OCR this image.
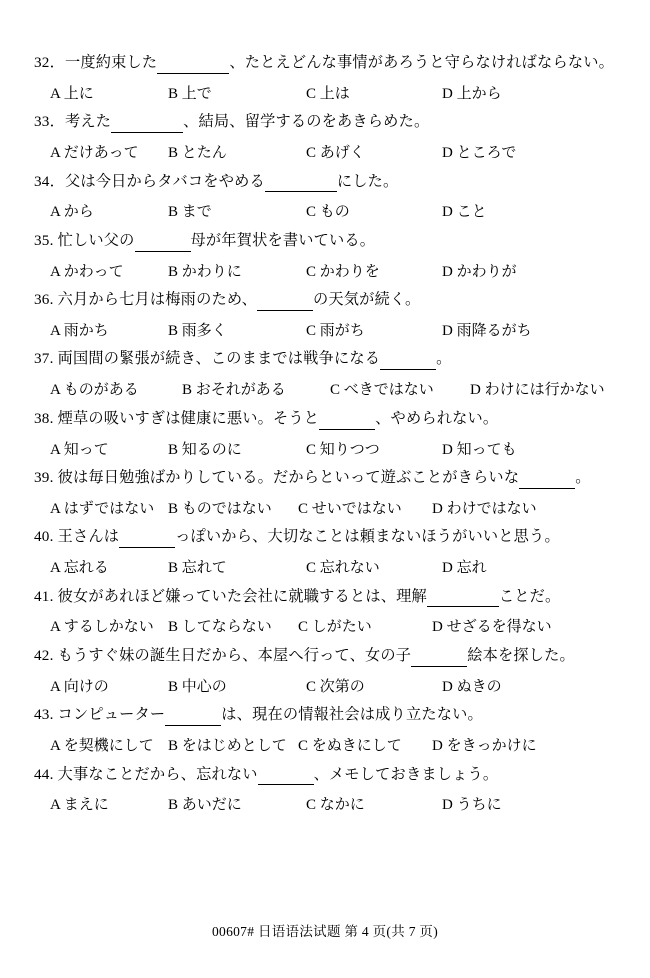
32．一度約束した	、たとえどんな事情があろうと守らなければならない。
A 上に	B 上で	C 上は	D 上から
33．考えた	、結局、留学するのをあきらめた。
A だけあって	B とたん	C あげく	D ところで
34．父は今日からタバコをやめる	にした。
A から	B まで	C もの	D こと
35. 忙しい父の	母が年賀状を書いている。
A かわって	B かわりに	C かわりを	D かわりが
36. 六月から七月は梅雨のため、	の天気が続く。
A 雨かち	B 雨多く	C 雨がち	D 雨降るがち
37. 両国間の緊張が続き、このままでは戦争になる	。
A ものがある	B おそれがある	C べきではない	D わけには行かない
38. 煙草の吸いすぎは健康に悪い。そうと	、やめられない。
A 知って	B 知るのに	C 知りつつ	D 知っても
39. 彼は毎日勉強ばかりしている。だからといって遊ぶことがきらいな	。
A はずではない B ものではない	C せいではない	D わけではない
40. 王さんは	っぽいから、大切なことは頼まないほうがいいと思う。
A 忘れる	B 忘れて	C 忘れない	D 忘れ
41. 彼女があれほど嫌っていた会社に就職するとは、理解	ことだ。
A するしかない B してならない	C しがたい	D せざるを得ない
42. もうすぐ妹の誕生日だから、本屋へ行って、女の子	絵本を探した。
A 向けの	B 中心の	C 次第の	D ぬきの
43. コンピューター	は、現在の情報社会は成り立たない。
A を契機にして B をはじめとして C をぬきにして	D をきっかけに
44. 大事なことだから、忘れない	、メモしておきましょう。
A まえに	B あいだに	C なかに	D うちに
00607# 日语语法试题 第 4 页(共 7 页)
